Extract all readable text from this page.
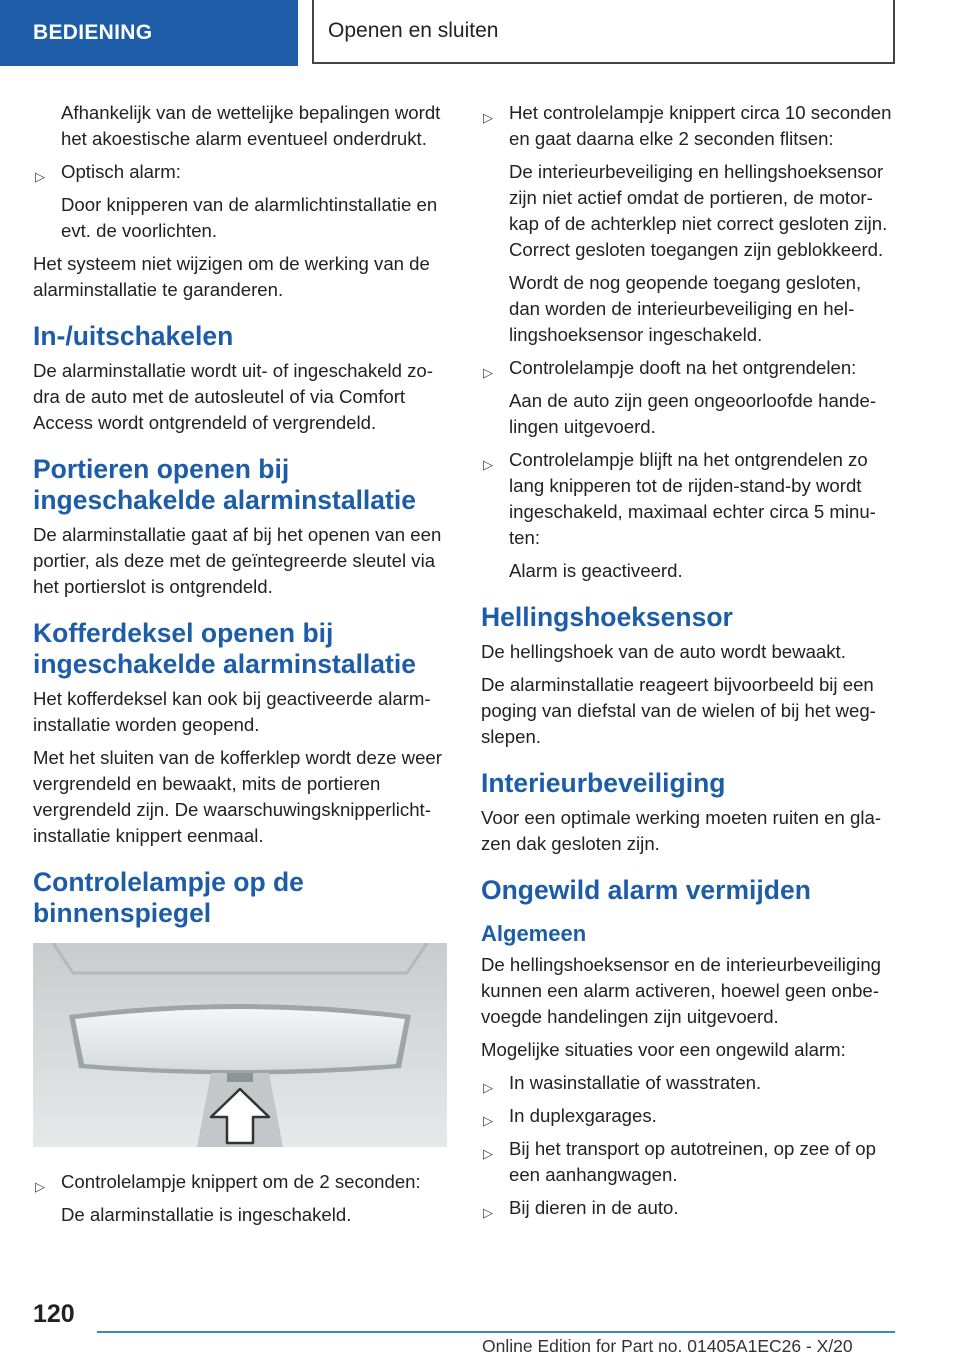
BEDIENING	Openen en sluiten

Afhankelijk van de wettelijke bepalingen wordt het akoestische alarm eventueel onderdrukt.

▷ Optisch alarm:

Door knipperen van de alarmlichtinstallatie en evt. de voorlichten.

Het systeem niet wijzigen om de werking van de alarminstallatie te garanderen.

In-/uitschakelen

De alarminstallatie wordt uit- of ingeschakeld zodra de auto met de autosleutel of via Comfort Access wordt ontgrendeld of vergrendeld.

Portieren openen bij ingeschakelde alarminstallatie

De alarminstallatie gaat af bij het openen van een portier, als deze met de geïntegreerde sleutel via het portierslot is ontgrendeld.

Kofferdeksel openen bij ingeschakelde alarminstallatie

Het kofferdeksel kan ook bij geactiveerde alarminstallatie worden geopend.

Met het sluiten van de kofferklep wordt deze weer vergrendeld en bewaakt, mits de portieren vergrendeld zijn. De waarschuwingsknipperlichtinstallatie knippert eenmaal.

Controlelampje op de binnenspiegel
▷ Controlelampje knippert om de 2 seconden:

De alarminstallatie is ingeschakeld.

▷ Het controlelampje knippert circa 10 seconden en gaat daarna elke 2 seconden flitsen:

De interieurbeveiliging en hellingshoeksensor zijn niet actief omdat de portieren, de motorkap of de achterklep niet correct gesloten zijn. Correct gesloten toegangen zijn geblokkeerd.

Wordt de nog geopende toegang gesloten, dan worden de interieurbeveiliging en hellingshoeksensor ingeschakeld.

▷ Controlelampje dooft na het ontgrendelen:

Aan de auto zijn geen ongeoorloofde handelingen uitgevoerd.

▷ Controlelampje blijft na het ontgrendelen zo lang knipperen tot de rijden-stand-by wordt ingeschakeld, maximaal echter circa 5 minuten:

Alarm is geactiveerd.

Hellingshoeksensor

De hellingshoek van de auto wordt bewaakt.

De alarminstallatie reageert bijvoorbeeld bij een poging van diefstal van de wielen of bij het wegslepen.

Interieurbeveiliging

Voor een optimale werking moeten ruiten en glazen dak gesloten zijn.

Ongewild alarm vermijden
Algemeen

De hellingshoeksensor en de interieurbeveiliging kunnen een alarm activeren, hoewel geen onbevoegde handelingen zijn uitgevoerd.

Mogelijke situaties voor een ongewild alarm:

▷ In wasinstallatie of wasstraten.
▷ In duplexgarages.
▷ Bij het transport op autotreinen, op zee of op een aanhangwagen.
▷ Bij dieren in de auto.
120
Online Edition for Part no. 01405A1EC26 - X/20
